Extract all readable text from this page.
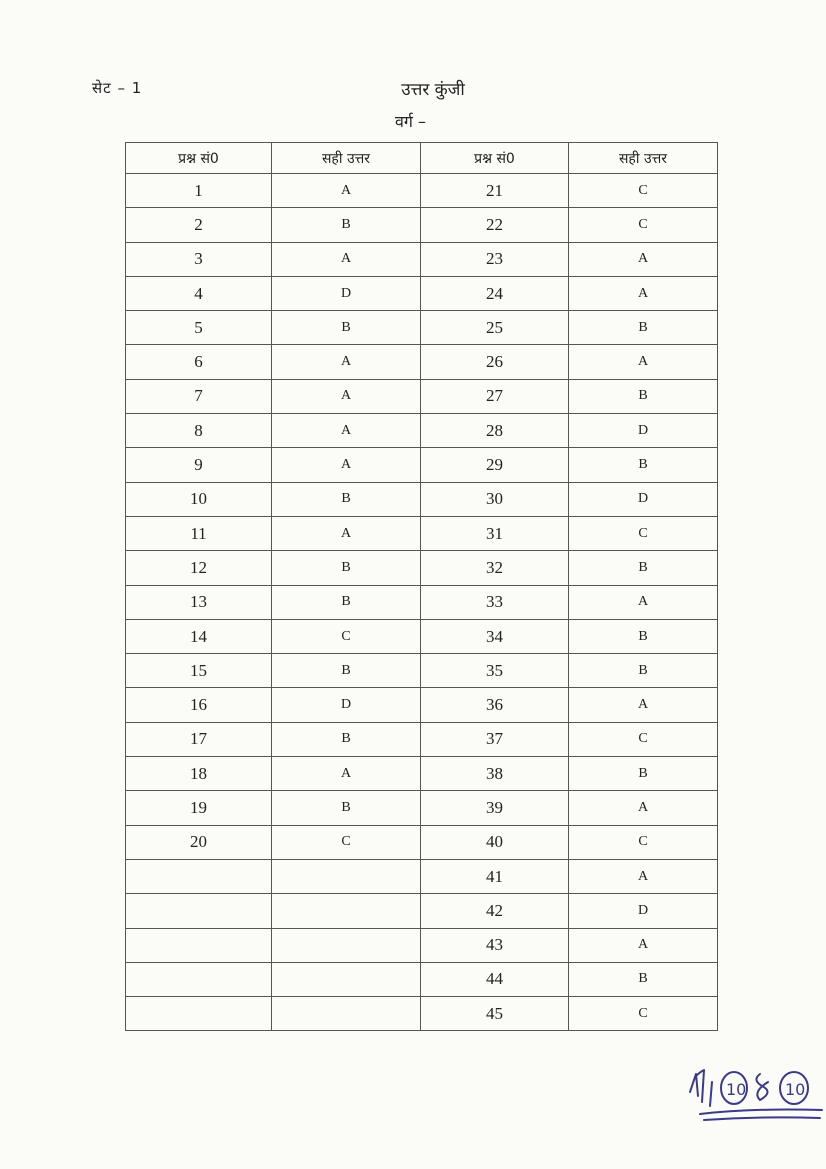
सेट – 1	उत्तर कुंजी
वर्ग –
प्रश्न सं0	सही उत्तर	प्रश्न सं0	सही उत्तर
1	A	21	C
2	B	22	C
3	A	23	A
4	D	24	A
5	B	25	B
6	A	26	A
7	A	27	B
8	A	28	D
9	A	29	B
10	B	30	D
11	A	31	C
12	B	32	B
13	B	33	A
14	C	34	B
15	B	35	B
16	D	36	A
17	B	37	C
18	A	38	B
19	B	39	A
20	C	40	C
		41	A
		42	D
		43	A
		44	B
		45	C
10 10
